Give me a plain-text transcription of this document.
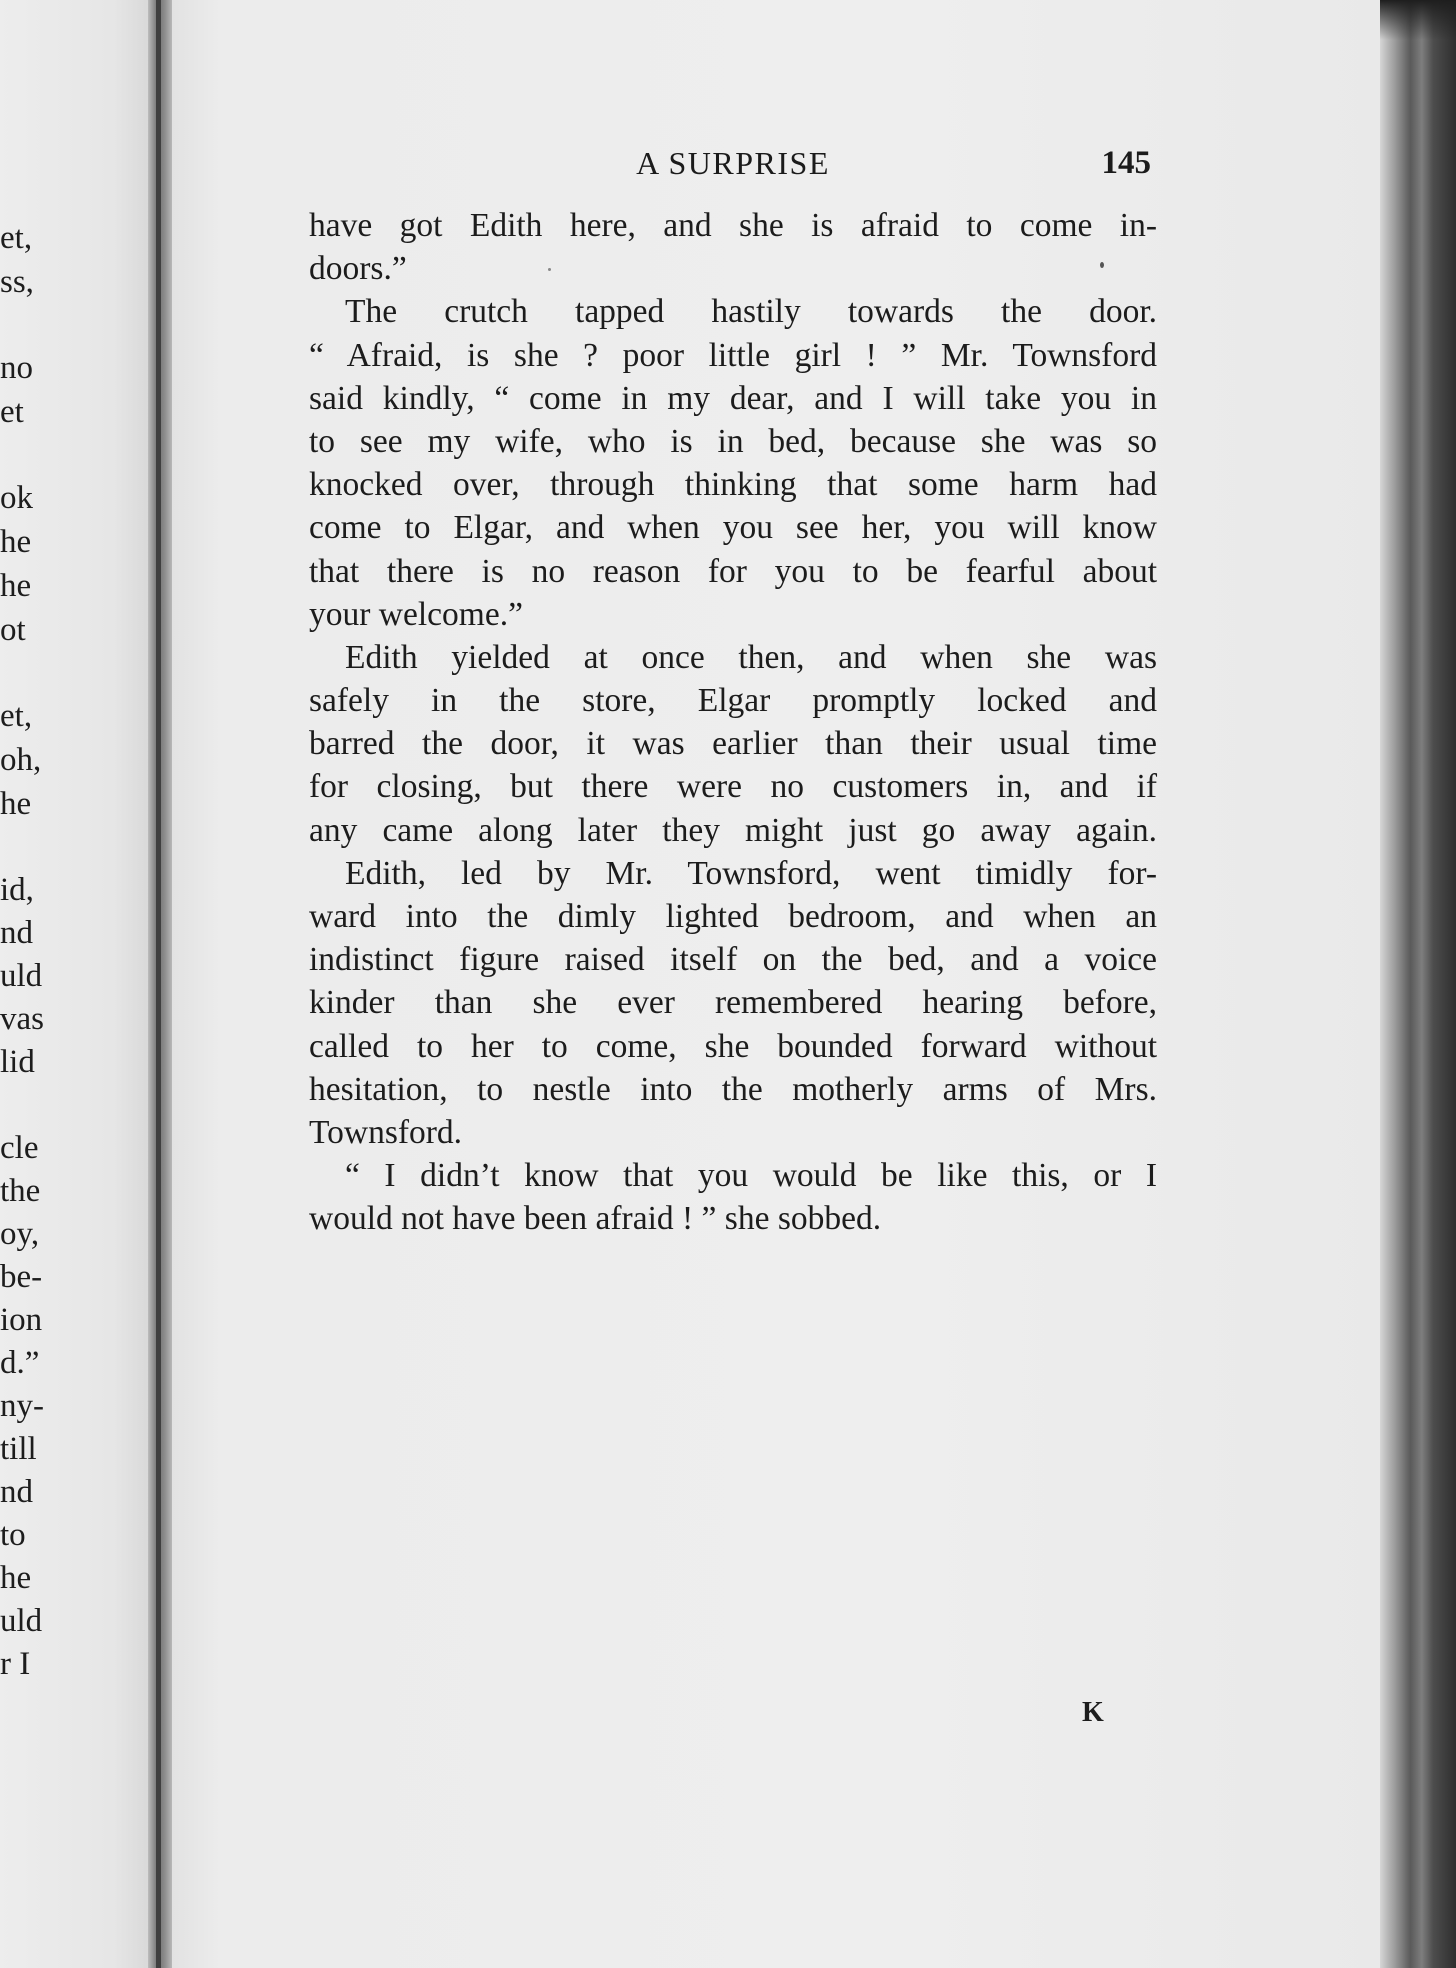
et,
ss,
no
et
ok
he
he
ot
et,
oh,
he
id,
nd
uld
vas
lid
cle
the
oy,
be-
ion
d.”
ny-
till
nd
to
he
uld
r I
A SURPRISE	145
have got Edith here, and she is afraid to come in-
doors.”
The crutch tapped hastily towards the door.
“ Afraid, is she ? poor little girl ! ” Mr. Townsford
said kindly, “ come in my dear, and I will take you in
to see my wife, who is in bed, because she was so
knocked over, through thinking that some harm had
come to Elgar, and when you see her, you will know
that there is no reason for you to be fearful about
your welcome.”
Edith yielded at once then, and when she was
safely in the store, Elgar promptly locked and
barred the door, it was earlier than their usual time
for closing, but there were no customers in, and if
any came along later they might just go away again.
Edith, led by Mr. Townsford, went timidly for-
ward into the dimly lighted bedroom, and when an
indistinct figure raised itself on the bed, and a voice
kinder than she ever remembered hearing before,
called to her to come, she bounded forward without
hesitation, to nestle into the motherly arms of Mrs.
Townsford.
“ I didn’t know that you would be like this, or I
would not have been afraid ! ” she sobbed.
K
